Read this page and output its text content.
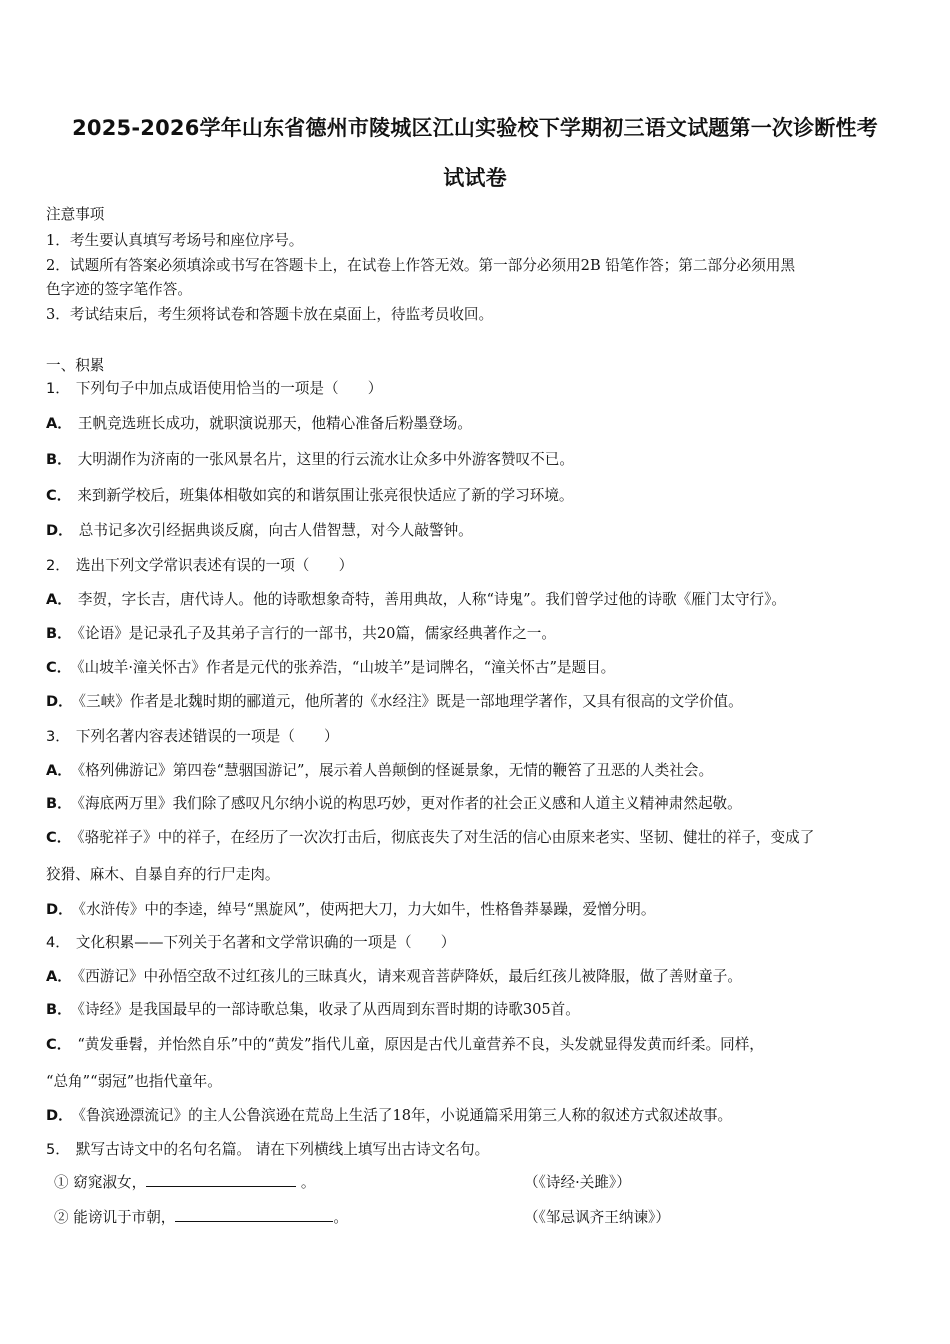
2025-2026学年山东省德州市陵城区江山实验校下学期初三语文试题第一次诊断性考
试试卷
注意事项
1．考生要认真填写考场号和座位序号。
2．试题所有答案必须填涂或书写在答题卡上，在试卷上作答无效。第一部分必须用2B 铅笔作答；第二部分必须用黑
色字迹的签字笔作答。
3．考试结束后，考生须将试卷和答题卡放在桌面上，待监考员收回。
一、积累
1． 下列句子中加点成语使用恰当的一项是（　　）
A． 王帆竞选班长成功，就职演说那天，他精心准备后粉墨登场。
B． 大明湖作为济南的一张风景名片，这里的行云流水让众多中外游客赞叹不已。
C． 来到新学校后，班集体相敬如宾的和谐氛围让张亮很快适应了新的学习环境。
D． 总书记多次引经据典谈反腐，向古人借智慧，对今人敲警钟。
2． 选出下列文学常识表述有误的一项（　　）
A． 李贺，字长吉，唐代诗人。他的诗歌想象奇特，善用典故，人称“诗鬼”。我们曾学过他的诗歌《雁门太守行》。
B． 《论语》是记录孔子及其弟子言行的一部书，共20篇，儒家经典著作之一。
C． 《山坡羊·潼关怀古》作者是元代的张养浩，“山坡羊”是词牌名，“潼关怀古”是题目。
D． 《三峡》作者是北魏时期的郦道元，他所著的《水经注》既是一部地理学著作，又具有很高的文学价值。
3． 下列名著内容表述错误的一项是（　　）
A． 《格列佛游记》第四卷“慧骃国游记”，展示着人兽颠倒的怪诞景象，无情的鞭笞了丑恶的人类社会。
B． 《海底两万里》我们除了感叹凡尔纳小说的构思巧妙，更对作者的社会正义感和人道主义精神肃然起敬。
C． 《骆驼祥子》中的祥子，在经历了一次次打击后，彻底丧失了对生活的信心由原来老实、坚韧、健壮的祥子，变成了
狡猾、麻木、自暴自弃的行尸走肉。
D． 《水浒传》中的李逵，绰号“黑旋风”，使两把大刀，力大如牛，性格鲁莽暴躁，爱憎分明。
4． 文化积累——下列关于名著和文学常识确的一项是（　　）
A． 《西游记》中孙悟空敌不过红孩儿的三昧真火，请来观音菩萨降妖，最后红孩儿被降服，做了善财童子。
B． 《诗经》是我国最早的一部诗歌总集，收录了从西周到东晋时期的诗歌305首。
C． “黄发垂髫，并怡然自乐”中的“黄发”指代儿童，原因是古代儿童营养不良，头发就显得发黄而纤柔。同样，
“总角”“弱冠”也指代童年。
D． 《鲁滨逊漂流记》的主人公鲁滨逊在荒岛上生活了18年，小说通篇采用第三人称的叙述方式叙述故事。
5． 默写古诗文中的名句名篇。 请在下列横线上填写出古诗文名句。
① 窈窕淑女，	。	（《诗经·关雎》）
② 能谤讥于市朝，	。	（《邹忌讽齐王纳谏》）
